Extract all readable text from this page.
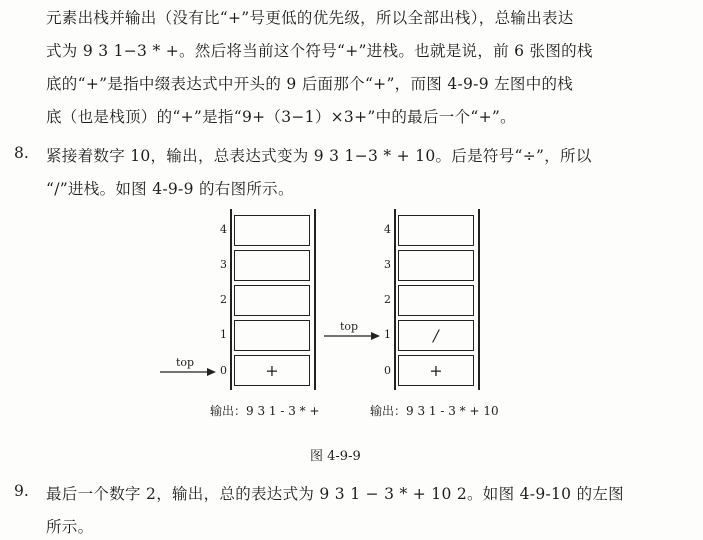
元素出栈并输出（没有比“+”号更低的优先级，所以全部出栈），总输出表达
式为 9 3 1−3 * +。然后将当前这个符号“+”进栈。也就是说，前 6 张图的栈
底的“+”是指中缀表达式中开头的 9 后面那个“+”，而图 4-9-9 左图中的栈
底（也是栈顶）的“+”是指“9+（3−1）×3+”中的最后一个“+”。
8. 紧接着数字 10，输出，总表达式变为 9 3 1−3 * + 10。后是符号“÷”，所以
“/”进栈。如图 4-9-9 的右图所示。
+
4
3
2
1
0
top
输出：9 3 1 - 3 * +
/
+
4
3
2
1
0
top
输出：9 3 1 - 3 * + 10
图 4-9-9
9. 最后一个数字 2，输出，总的表达式为 9 3 1 − 3 * + 10 2。如图 4-9-10 的左图
所示。
